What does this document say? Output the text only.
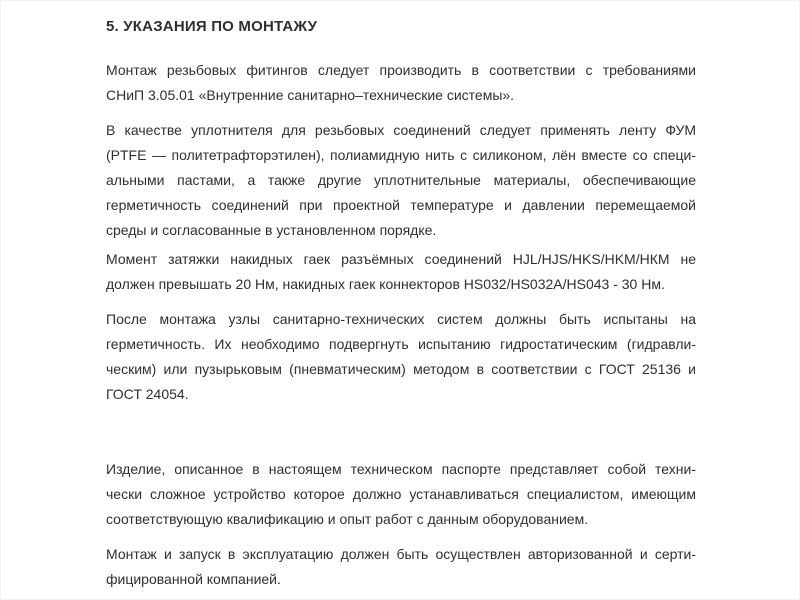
5. УКАЗАНИЯ ПО МОНТАЖУ
Монтаж резьбовых фитингов следует производить в соответствии с требованиями
СНиП 3.05.01 «Внутренние санитарно–технические системы».
В качестве уплотнителя для резьбовых соединений следует применять ленту ФУМ
(PTFE — политетрафторэтилен), полиамидную нить с силиконом, лён вместе со специ-
альными пастами, а также другие уплотнительные материалы, обеспечивающие
герметичность соединений при проектной температуре и давлении перемещаемой
среды и согласованные в установленном порядке.
Момент затяжки накидных гаек разъёмных соединений HJL/HJS/HKS/HKM/НКМ не
должен превышать 20 Нм, накидных гаек коннекторов HS032/HS032A/HS043 - 30 Нм.
После монтажа узлы санитарно-технических систем должны быть испытаны на
герметичность. Их необходимо подвергнуть испытанию гидростатическим (гидравли-
ческим) или пузырьковым (пневматическим) методом в соответствии с ГОСТ 25136 и
ГОСТ 24054.
Изделие, описанное в настоящем техническом паспорте представляет собой техни-
чески сложное устройство которое должно устанавливаться специалистом, имеющим
соответствующую квалификацию и опыт работ с данным оборудованием.
Монтаж и запуск в эксплуатацию должен быть осуществлен авторизованной и серти-
фицированной компанией.
